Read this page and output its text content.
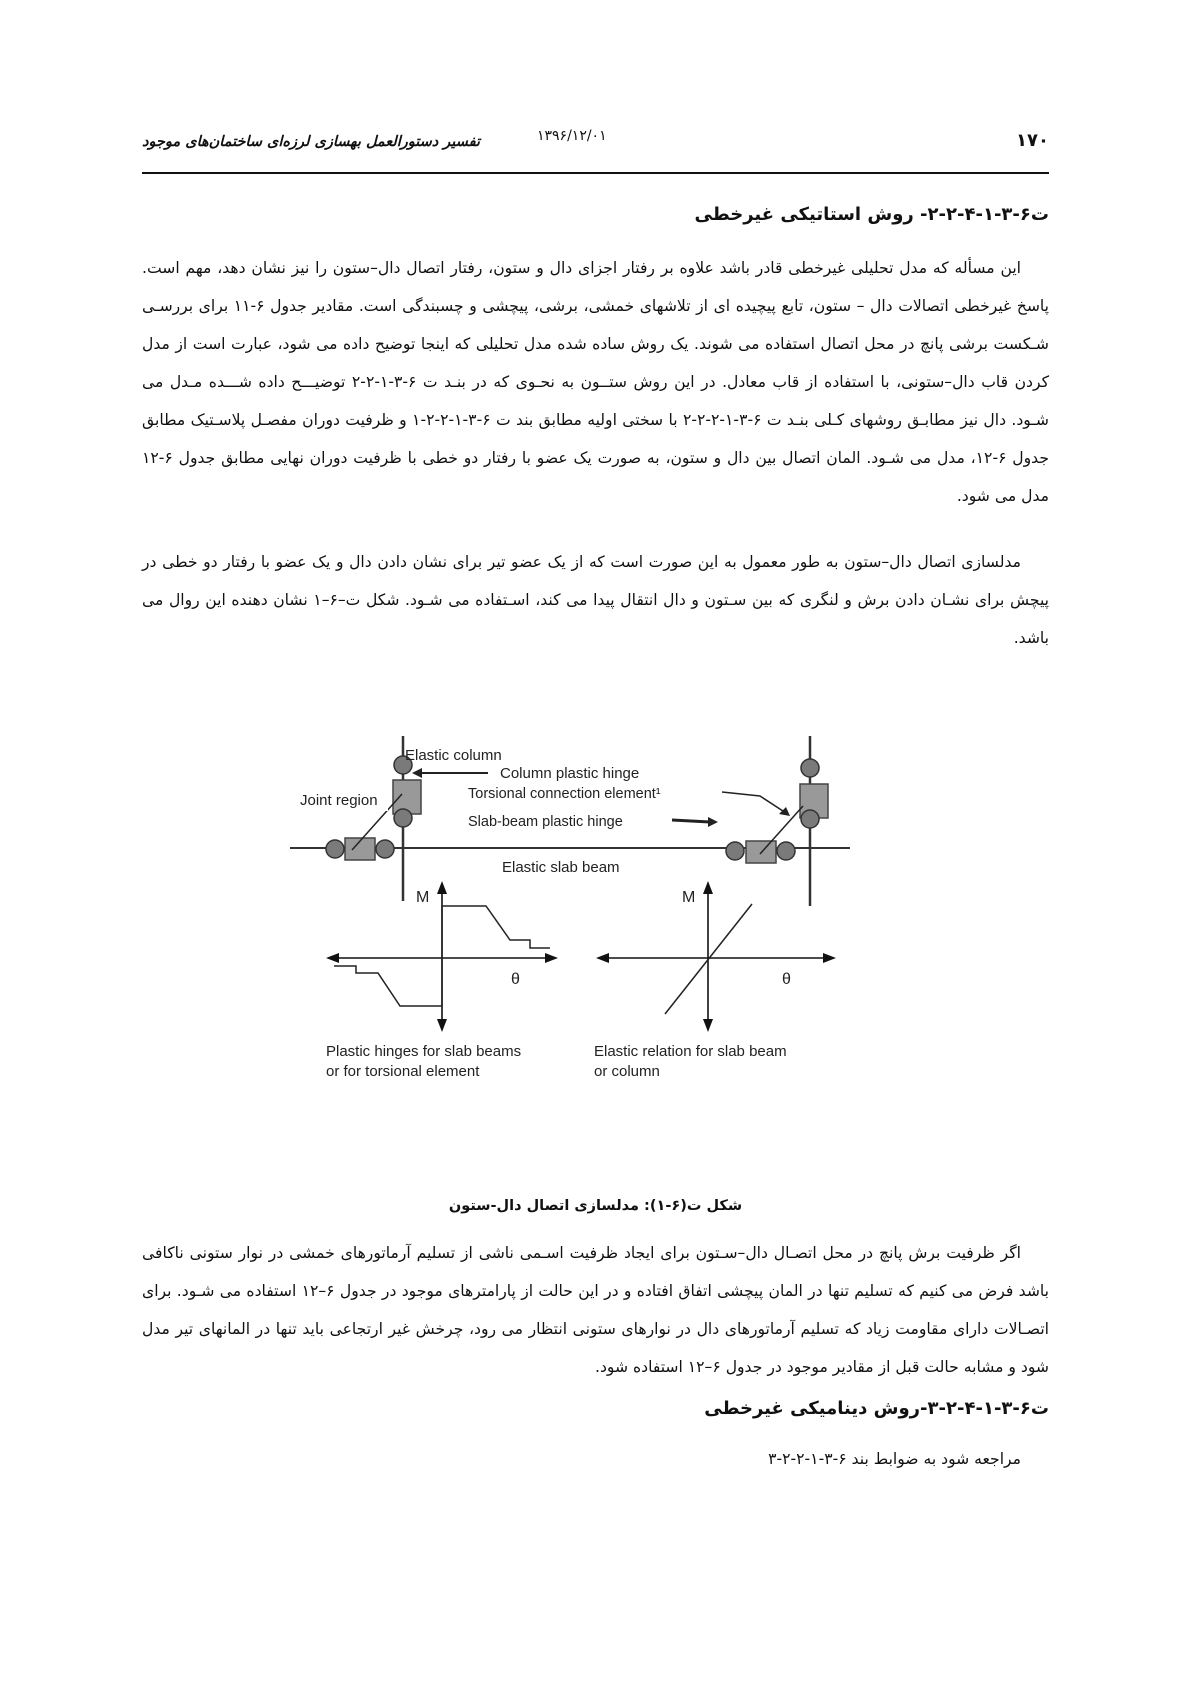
۱۷۰
۱۳۹۶/۱۲/۰۱
تفسیر دستورالعمل بهسازی لرزه‌ای ساختمان‌های موجود
ت۶-۳-۱-۴-۲-۲- روش استاتیکی غیرخطی
این مسأله که مدل تحلیلی غیرخطی قادر باشد علاوه بر رفتار اجزای دال و ستون، رفتار اتصال دال–ستون را نیز نشان دهد، مهم است. پاسخ غیرخطی اتصالات دال – ستون، تابع پیچیده ای از تلاشهای خمشی، برشی، پیچشی و چسبندگی است. مقادیر جدول ۶-۱۱ برای بررسـی شـکست برشی پانچ در محل اتصال استفاده می شوند. یک روش ساده شده مدل تحلیلی که اینجا توضیح داده می شود، عبارت است از مدل کردن قاب دال–ستونی، با استفاده از قاب معادل. در این روش ستــون به نحـوی که در بنـد ت ۶-۳-۱-۲-۲ توضیـــح داده شـــده مـدل می شـود. دال نیز مطابـق روشهای کـلی بنـد ت ۶-۳-۱-۲-۲-۲ با سختی اولیه مطابق بند ت ۶-۳-۱-۲-۲-۱ و ظرفیت دوران مفصـل پلاسـتیک مطابق جدول ۶-۱۲، مدل می شـود. المان اتصال بین دال و ستون، به صورت یک عضو با رفتار دو خطی با ظرفیت دوران نهایی مطابق جدول ۶-۱۲ مدل می شود.
مدلسازی اتصال دال–ستون به طور معمول به این صورت است که از یک عضو تیر برای نشان دادن دال و یک عضو با رفتار دو خطی در پیچش برای نشـان دادن برش و لنگری که بین سـتون و دال انتقال پیدا می کند، اسـتفاده می شـود. شکل ت–۶–۱ نشان دهنده این روال می باشد.
Elastic column
Column plastic hinge
Torsional connection element¹
Slab-beam plastic hinge
Joint region
Elastic slab beam
M
θ
M
θ
Plastic hinges for slab beams
or for torsional element
Elastic relation for slab beam
or column
شکل ت(۶-۱): مدلسازی اتصال دال-ستون
اگر ظرفیت برش پانچ در محل اتصـال دال–سـتون برای ایجاد ظرفیت اسـمی ناشی از تسلیم آرماتورهای خمشی در نوار ستونی ناکافی باشد فرض می کنیم که تسلیم تنها در المان پیچشی اتفاق افتاده و در این حالت از پارامترهای موجود در جدول ۶–۱۲ استفاده می شـود. برای اتصـالات دارای مقاومت زیاد که تسلیم آرماتورهای دال در نوارهای ستونی انتظار می رود، چرخش غیر ارتجاعی باید تنها در المانهای تیر مدل شود و مشابه حالت قبل از مقادیر موجود در جدول ۶–۱۲ استفاده شود.
ت۶-۳-۱-۴-۲-۳-روش دینامیکی غیرخطی
مراجعه شود به ضوابط بند ۶-۳-۱-۲-۲-۳
